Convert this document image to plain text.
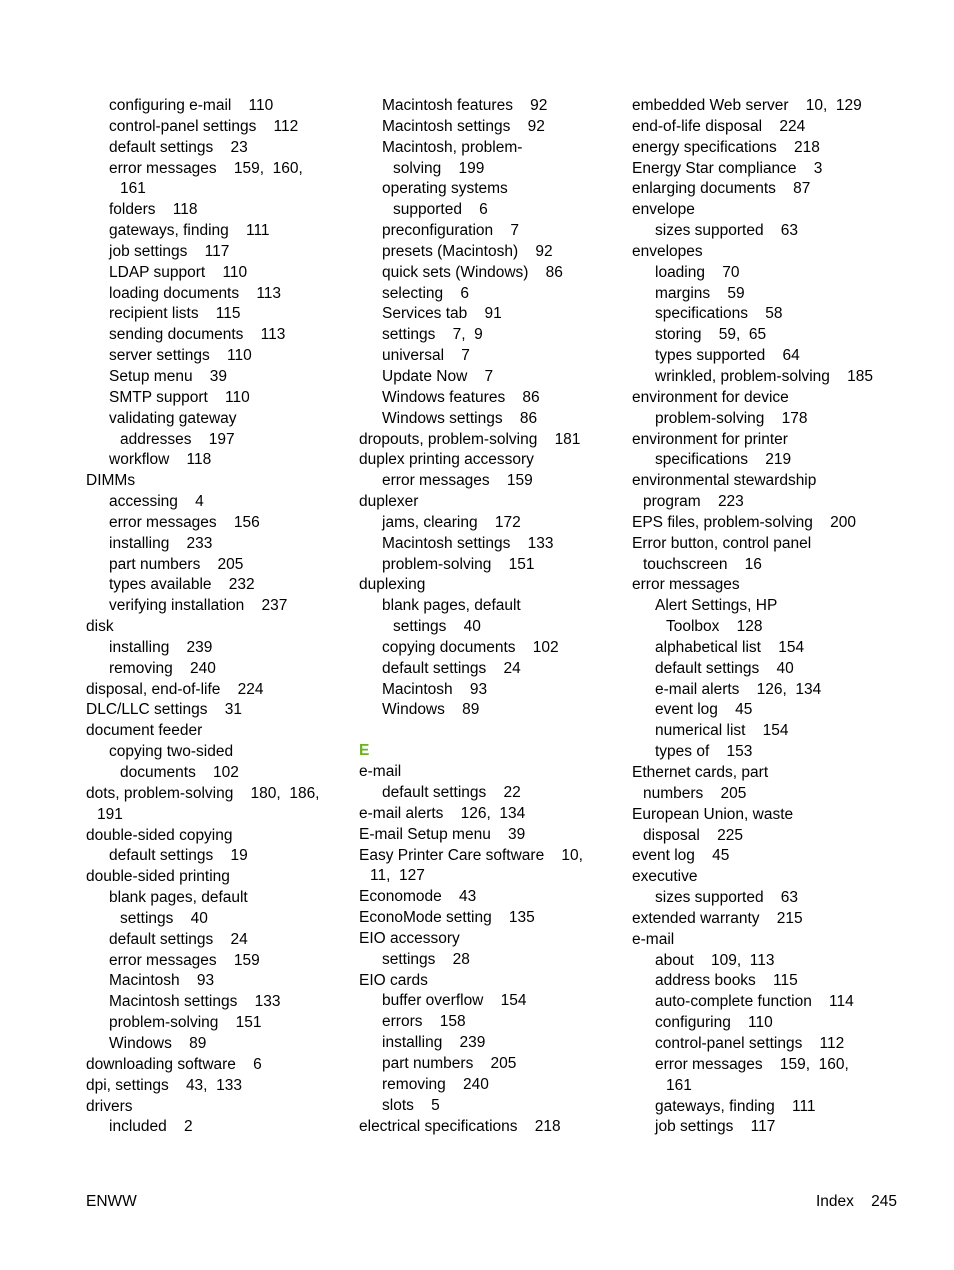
configuring e-mail    110
control-panel settings    112
default settings    23
error messages    159,  160,
161
folders    118
gateways, finding    111
job settings    117
LDAP support    110
loading documents    113
recipient lists    115
sending documents    113
server settings    110
Setup menu    39
SMTP support    110
validating gateway
addresses    197
workflow    118
DIMMs
accessing    4
error messages    156
installing    233
part numbers    205
types available    232
verifying installation    237
disk
installing    239
removing    240
disposal, end-of-life    224
DLC/LLC settings    31
document feeder
copying two-sided
documents    102
dots, problem-solving    180,  186,
191
double-sided copying
default settings    19
double-sided printing
blank pages, default
settings    40
default settings    24
error messages    159
Macintosh    93
Macintosh settings    133
problem-solving    151
Windows    89
downloading software    6
dpi, settings    43,  133
drivers
included    2
Macintosh features    92
Macintosh settings    92
Macintosh, problem-
solving    199
operating systems
supported    6
preconfiguration    7
presets (Macintosh)    92
quick sets (Windows)    86
selecting    6
Services tab    91
settings    7,  9
universal    7
Update Now    7
Windows features    86
Windows settings    86
dropouts, problem-solving    181
duplex printing accessory
error messages    159
duplexer
jams, clearing    172
Macintosh settings    133
problem-solving    151
duplexing
blank pages, default
settings    40
copying documents    102
default settings    24
Macintosh    93
Windows    89
E
e-mail
default settings    22
e-mail alerts    126,  134
E-mail Setup menu    39
Easy Printer Care software    10,
11,  127
Economode    43
EconoMode setting    135
EIO accessory
settings    28
EIO cards
buffer overflow    154
errors    158
installing    239
part numbers    205
removing    240
slots    5
electrical specifications    218
embedded Web server    10,  129
end-of-life disposal    224
energy specifications    218
Energy Star compliance    3
enlarging documents    87
envelope
sizes supported    63
envelopes
loading    70
margins    59
specifications    58
storing    59,  65
types supported    64
wrinkled, problem-solving    185
environment for device
problem-solving    178
environment for printer
specifications    219
environmental stewardship
program    223
EPS files, problem-solving    200
Error button, control panel
touchscreen    16
error messages
Alert Settings, HP
Toolbox    128
alphabetical list    154
default settings    40
e-mail alerts    126,  134
event log    45
numerical list    154
types of    153
Ethernet cards, part
numbers    205
European Union, waste
disposal    225
event log    45
executive
sizes supported    63
extended warranty    215
e-mail
about    109,  113
address books    115
auto-complete function    114
configuring    110
control-panel settings    112
error messages    159,  160,
161
gateways, finding    111
job settings    117
ENWW	Index    245
